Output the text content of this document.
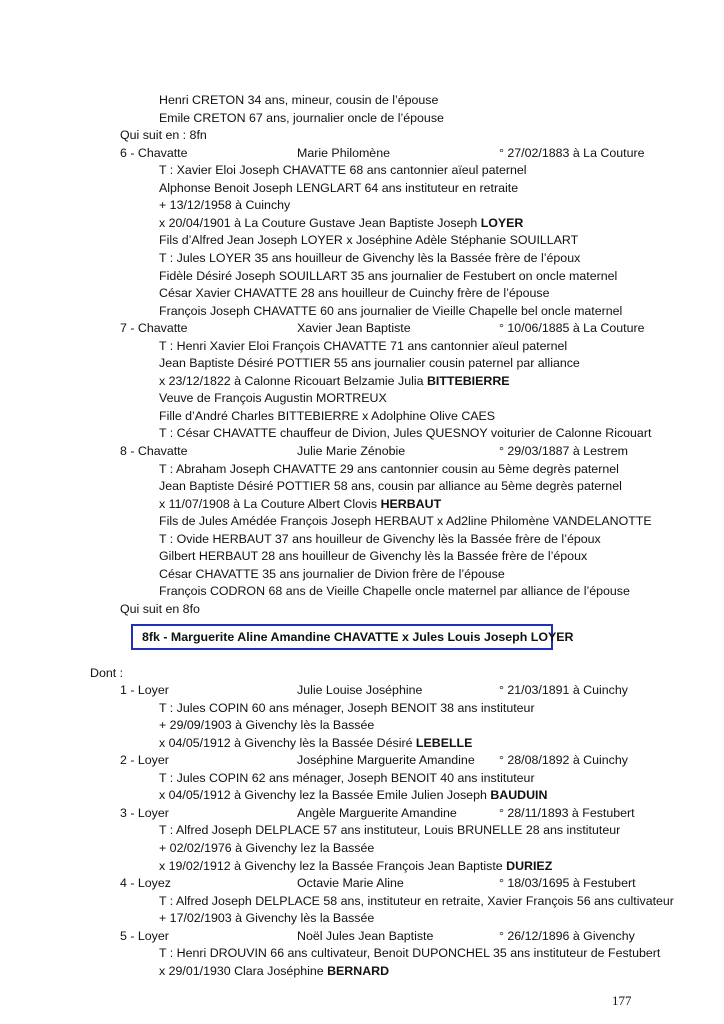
Henri CRETON 34 ans, mineur, cousin de l’épouse
Emile CRETON 67 ans, journalier oncle de l’épouse
Qui suit en : 8fn
6 - Chavatte	Marie Philomène	° 27/02/1883 à La Couture
T : Xavier Eloi Joseph CHAVATTE 68 ans cantonnier aïeul paternel
Alphonse Benoit Joseph LENGLART 64 ans instituteur en retraite
+ 13/12/1958 à Cuinchy
x 20/04/1901 à La Couture Gustave Jean Baptiste Joseph LOYER
Fils d’Alfred Jean Joseph LOYER x Joséphine Adèle Stéphanie SOUILLART
T : Jules LOYER 35 ans houilleur de Givenchy lès la Bassée frère de l’époux
Fidèle Désiré Joseph SOUILLART 35 ans journalier de Festubert on oncle maternel
César Xavier CHAVATTE 28 ans houilleur de Cuinchy frère de l’épouse
François Joseph CHAVATTE 60 ans journalier de Vieille Chapelle bel oncle maternel
7 - Chavatte	Xavier Jean Baptiste	° 10/06/1885 à La Couture
T : Henri Xavier Eloi François CHAVATTE 71 ans cantonnier aïeul paternel
Jean Baptiste Désiré POTTIER 55 ans journalier cousin paternel par alliance
x 23/12/1822 à Calonne Ricouart Belzamie Julia BITTEBIERRE
Veuve de François Augustin MORTREUX
Fille d’André Charles BITTEBIERRE x Adolphine Olive CAES
T : César CHAVATTE chauffeur de Divion, Jules QUESNOY voiturier de Calonne Ricouart
8 - Chavatte	Julie Marie Zénobie	° 29/03/1887 à Lestrem
T : Abraham Joseph CHAVATTE 29 ans cantonnier cousin au 5ème degrès paternel
Jean Baptiste Désiré POTTIER 58 ans, cousin par alliance au 5ème degrès paternel
x 11/07/1908 à La Couture Albert Clovis HERBAUT
Fils de Jules Amédée François Joseph HERBAUT x Ad2line Philomène VANDELANOTTE
T : Ovide HERBAUT 37 ans houilleur de Givenchy lès la Bassée frère de l’époux
Gilbert HERBAUT 28 ans houilleur de Givenchy lès la Bassée frère de l’époux
César CHAVATTE 35 ans journalier de Divion frère de l’épouse
François CODRON 68 ans de Vieille Chapelle oncle maternel par alliance de l’épouse
Qui suit en 8fo
8fk - Marguerite Aline Amandine CHAVATTE x Jules Louis Joseph LOYER
Dont :
1 - Loyer	Julie Louise Joséphine	° 21/03/1891 à Cuinchy
T : Jules COPIN 60 ans ménager, Joseph BENOIT 38 ans instituteur
+ 29/09/1903 à Givenchy lès la Bassée
x 04/05/1912 à Givenchy lès la Bassée Désiré LEBELLE
2 - Loyer	Joséphine Marguerite Amandine ° 28/08/1892 à Cuinchy
T : Jules COPIN 62 ans ménager, Joseph BENOIT 40 ans instituteur
x 04/05/1912 à Givenchy lez la Bassée Emile Julien Joseph BAUDUIN
3 - Loyer	Angèle Marguerite Amandine	° 28/11/1893 à Festubert
T : Alfred Joseph DELPLACE 57 ans instituteur, Louis BRUNELLE 28 ans instituteur
+ 02/02/1976 à Givenchy lez la Bassée
x 19/02/1912 à Givenchy lez la Bassée François Jean Baptiste DURIEZ
4 - Loyez	Octavie Marie Aline	° 18/03/1695 à Festubert
T : Alfred Joseph DELPLACE 58 ans, instituteur en retraite, Xavier François 56 ans cultivateur
+ 17/02/1903 à Givenchy lès la Bassée
5 - Loyer	Noël Jules Jean Baptiste	° 26/12/1896 à Givenchy
T : Henri DROUVIN 66 ans cultivateur, Benoit DUPONCHEL 35 ans instituteur de Festubert
x 29/01/1930 Clara Joséphine BERNARD
177
